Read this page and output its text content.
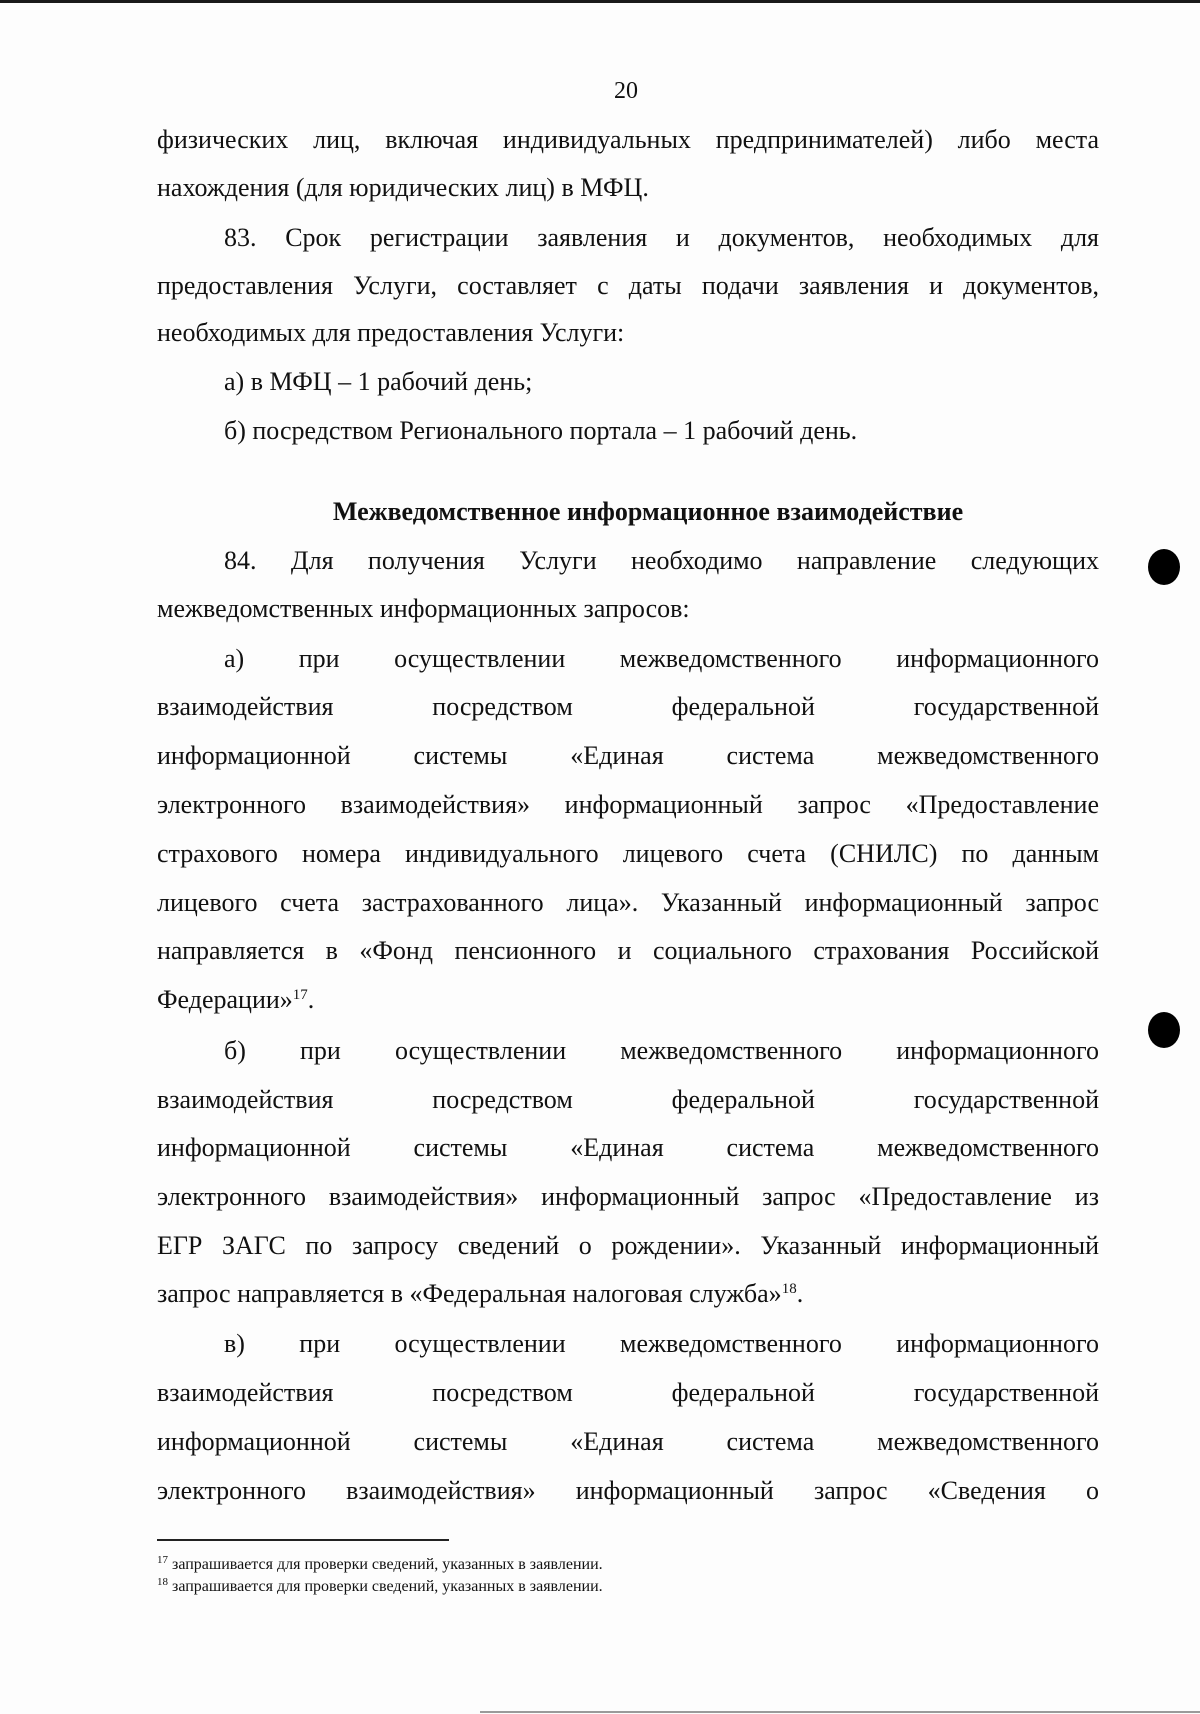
20
физических лиц, включая индивидуальных предпринимателей) либо места
нахождения (для юридических лиц) в МФЦ.
83. Срок регистрации заявления и документов, необходимых для
предоставления Услуги, составляет с даты подачи заявления и документов,
необходимых для предоставления Услуги:
а) в МФЦ – 1 рабочий день;
б) посредством Регионального портала – 1 рабочий день.
Межведомственное информационное взаимодействие
84. Для получения Услуги необходимо направление следующих
межведомственных информационных запросов:
а) при осуществлении межведомственного информационного
взаимодействия посредством федеральной государственной
информационной системы «Единая система межведомственного
электронного взаимодействия» информационный запрос «Предоставление
страхового номера индивидуального лицевого счета (СНИЛС) по данным
лицевого счета застрахованного лица». Указанный информационный запрос
направляется в «Фонд пенсионного и социального страхования Российской
Федерации»$^{17}$.
б) при осуществлении межведомственного информационного
взаимодействия посредством федеральной государственной
информационной системы «Единая система межведомственного
электронного взаимодействия» информационный запрос «Предоставление из
ЕГР ЗАГС по запросу сведений о рождении». Указанный информационный
запрос направляется в «Федеральная налоговая служба»$^{18}$.
в) при осуществлении межведомственного информационного
взаимодействия посредством федеральной государственной
информационной системы «Единая система межведомственного
электронного взаимодействия» информационный запрос «Сведения о
$^{17}$ запрашивается для проверки сведений, указанных в заявлении.
$^{18}$ запрашивается для проверки сведений, указанных в заявлении.
